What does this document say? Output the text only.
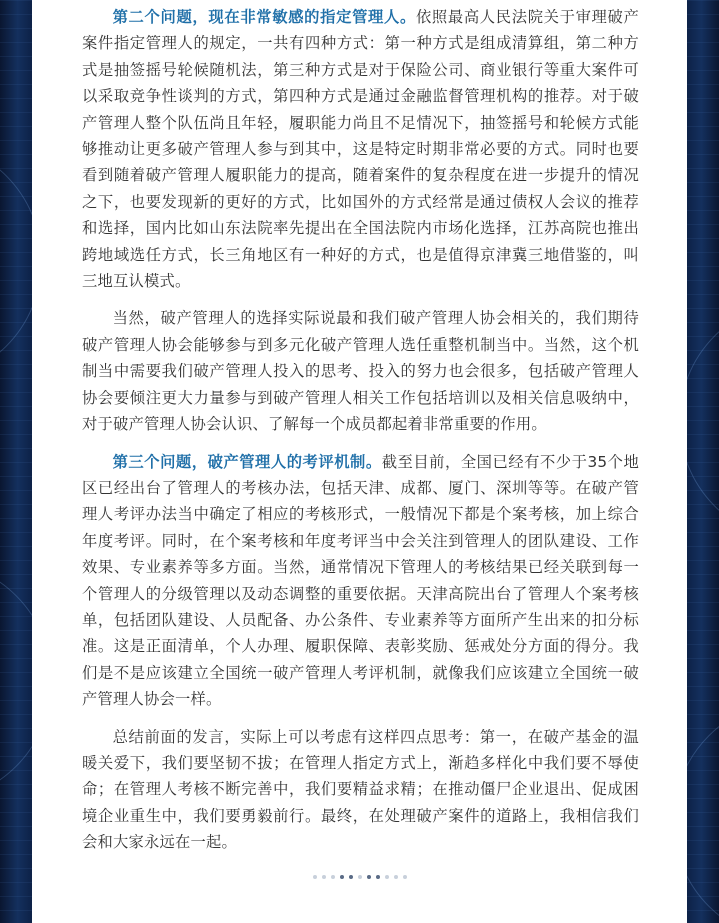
第二个问题，现在非常敏感的指定管理人。依照最高人民法院关于审理破产案件指定管理人的规定，一共有四种方式：第一种方式是组成清算组，第二种方式是抽签摇号轮候随机法，第三种方式是对于保险公司、商业银行等重大案件可以采取竞争性谈判的方式，第四种方式是通过金融监督管理机构的推荐。对于破产管理人整个队伍尚且年轻，履职能力尚且不足情况下，抽签摇号和轮候方式能够推动让更多破产管理人参与到其中，这是特定时期非常必要的方式。同时也要看到随着破产管理人履职能力的提高，随着案件的复杂程度在进一步提升的情况之下，也要发现新的更好的方式，比如国外的方式经常是通过债权人会议的推荐和选择，国内比如山东法院率先提出在全国法院内市场化选择，江苏高院也推出跨地域选任方式，长三角地区有一种好的方式，也是值得京津冀三地借鉴的，叫三地互认模式。

当然，破产管理人的选择实际说最和我们破产管理人协会相关的，我们期待破产管理人协会能够参与到多元化破产管理人选任重整机制当中。当然，这个机制当中需要我们破产管理人投入的思考、投入的努力也会很多，包括破产管理人协会要倾注更大力量参与到破产管理人相关工作包括培训以及相关信息吸纳中，对于破产管理人协会认识、了解每一个成员都起着非常重要的作用。

第三个问题，破产管理人的考评机制。截至目前，全国已经有不少于35个地区已经出台了管理人的考核办法，包括天津、成都、厦门、深圳等等。在破产管理人考评办法当中确定了相应的考核形式，一般情况下都是个案考核，加上综合年度考评。同时，在个案考核和年度考评当中会关注到管理人的团队建设、工作效果、专业素养等多方面。当然，通常情况下管理人的考核结果已经关联到每一个管理人的分级管理以及动态调整的重要依据。天津高院出台了管理人个案考核单，包括团队建设、人员配备、办公条件、专业素养等方面所产生出来的扣分标准。这是正面清单，个人办理、履职保障、表彰奖励、惩戒处分方面的得分。我们是不是应该建立全国统一破产管理人考评机制，就像我们应该建立全国统一破产管理人协会一样。

总结前面的发言，实际上可以考虑有这样四点思考：第一，在破产基金的温暖关爱下，我们要坚韧不拔；在管理人指定方式上，渐趋多样化中我们要不辱使命；在管理人考核不断完善中，我们要精益求精；在推动僵尸企业退出、促成困境企业重生中，我们要勇毅前行。最终，在处理破产案件的道路上，我相信我们会和大家永远在一起。
